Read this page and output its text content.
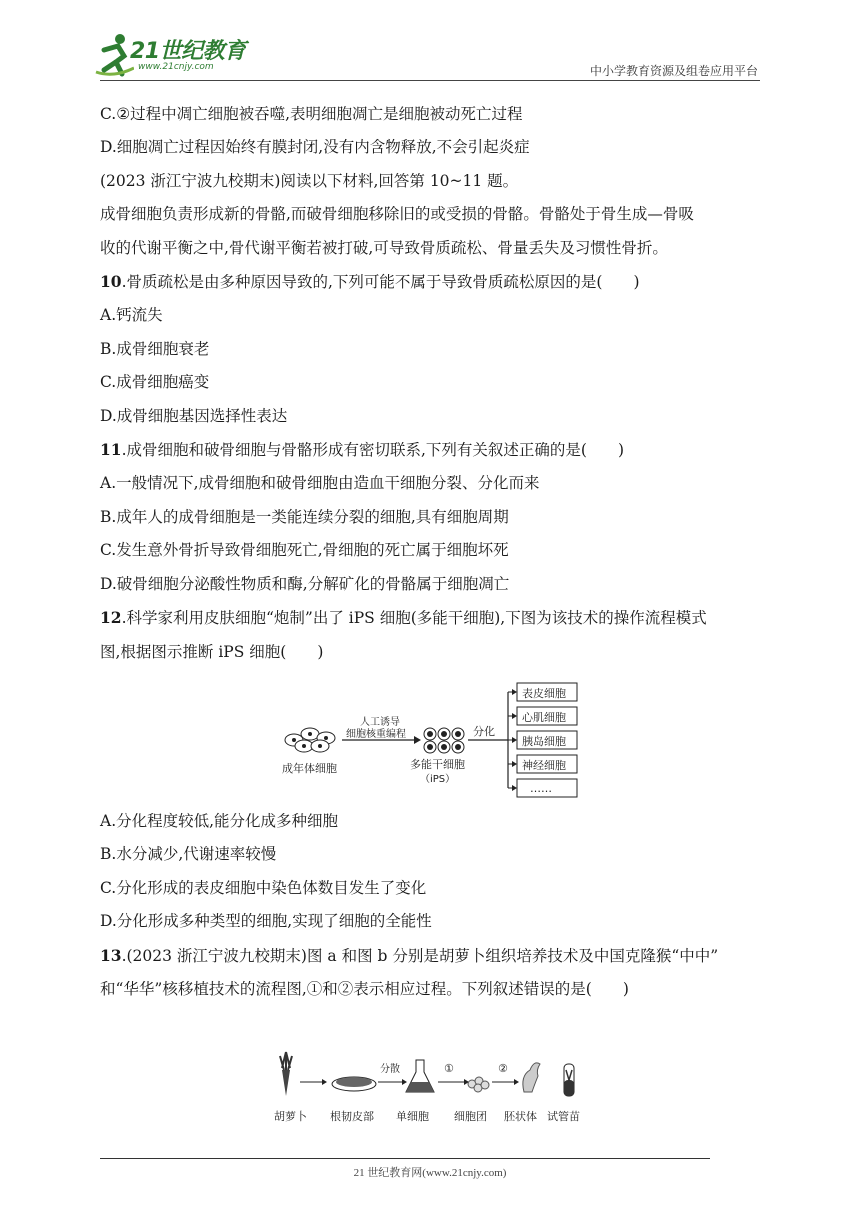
21世纪教育
www.21cnjy.com	中小学教育资源及组卷应用平台
C.②过程中凋亡细胞被吞噬,表明细胞凋亡是细胞被动死亡过程
D.细胞凋亡过程因始终有膜封闭,没有内含物释放,不会引起炎症
(2023 浙江宁波九校期末)阅读以下材料,回答第 10~11 题。
成骨细胞负责形成新的骨骼,而破骨细胞移除旧的或受损的骨骼。骨骼处于骨生成—骨吸
收的代谢平衡之中,骨代谢平衡若被打破,可导致骨质疏松、骨量丢失及习惯性骨折。
10.骨质疏松是由多种原因导致的,下列可能不属于导致骨质疏松原因的是(　　)
A.钙流失
B.成骨细胞衰老
C.成骨细胞癌变
D.成骨细胞基因选择性表达
11.成骨细胞和破骨细胞与骨骼形成有密切联系,下列有关叙述正确的是(　　)
A.一般情况下,成骨细胞和破骨细胞由造血干细胞分裂、分化而来
B.成年人的成骨细胞是一类能连续分裂的细胞,具有细胞周期
C.发生意外骨折导致骨细胞死亡,骨细胞的死亡属于细胞坏死
D.破骨细胞分泌酸性物质和酶,分解矿化的骨骼属于细胞凋亡
12.科学家利用皮肤细胞“炮制”出了 iPS 细胞(多能干细胞),下图为该技术的操作流程模式
图,根据图示推断 iPS 细胞(　　)
A.分化程度较低,能分化成多种细胞
B.水分减少,代谢速率较慢
C.分化形成的表皮细胞中染色体数目发生了变化
D.分化形成多种类型的细胞,实现了细胞的全能性
13.(2023 浙江宁波九校期末)图 a 和图 b 分别是胡萝卜组织培养技术及中国克隆猴“中中”
和“华华”核移植技术的流程图,①和②表示相应过程。下列叙述错误的是(　　)
成年体细胞
人工诱导
细胞核重编程
多能干细胞
（iPS）
分化
表皮细胞
心肌细胞
胰岛细胞
神经细胞
……
胡萝卜 根韧皮部
分散
单细胞
①
细胞团
②
胚状体 试管苗
21 世纪教育网(www.21cnjy.com)
